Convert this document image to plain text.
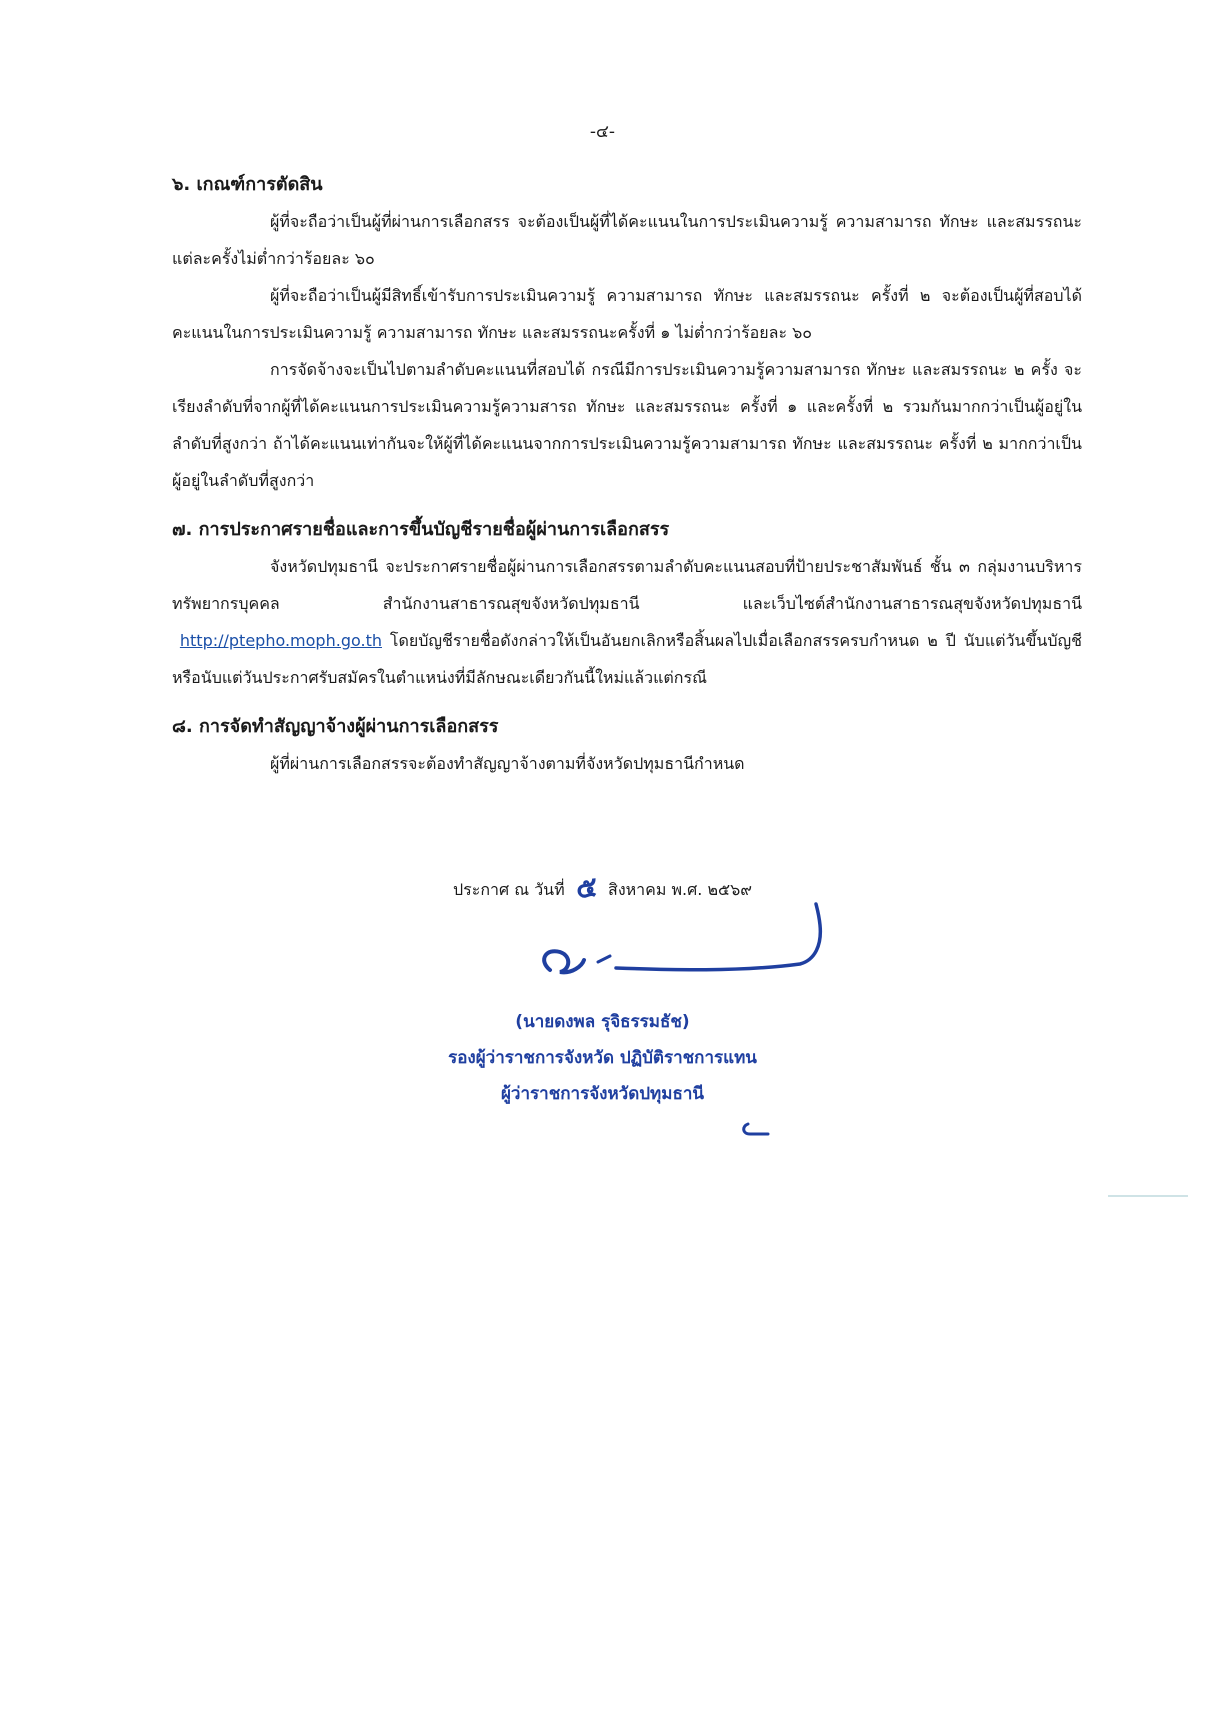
-๔-

๖. เกณฑ์การตัดสิน

ผู้ที่จะถือว่าเป็นผู้ที่ผ่านการเลือกสรร จะต้องเป็นผู้ที่ได้คะแนนในการประเมินความรู้ ความสามารถ ทักษะ และสมรรถนะแต่ละครั้งไม่ต่ำกว่าร้อยละ ๖๐

ผู้ที่จะถือว่าเป็นผู้มีสิทธิ์เข้ารับการประเมินความรู้ ความสามารถ ทักษะ และสมรรถนะ ครั้งที่ ๒ จะต้องเป็นผู้ที่สอบได้คะแนนในการประเมินความรู้ ความสามารถ ทักษะ และสมรรถนะครั้งที่ ๑ ไม่ต่ำกว่าร้อยละ ๖๐

การจัดจ้างจะเป็นไปตามลำดับคะแนนที่สอบได้ กรณีมีการประเมินความรู้ความสามารถ ทักษะ และสมรรถนะ ๒ ครั้ง จะเรียงลำดับที่จากผู้ที่ได้คะแนนการประเมินความรู้ความสารถ ทักษะ และสมรรถนะ ครั้งที่ ๑ และครั้งที่ ๒ รวมกันมากกว่าเป็นผู้อยู่ในลำดับที่สูงกว่า ถ้าได้คะแนนเท่ากันจะให้ผู้ที่ได้คะแนนจากการประเมินความรู้ความสามารถ ทักษะ และสมรรถนะ ครั้งที่ ๒ มากกว่าเป็นผู้อยู่ในลำดับที่สูงกว่า

๗. การประกาศรายชื่อและการขึ้นบัญชีรายชื่อผู้ผ่านการเลือกสรร

จังหวัดปทุมธานี จะประกาศรายชื่อผู้ผ่านการเลือกสรรตามลำดับคะแนนสอบที่ป้ายประชาสัมพันธ์ ชั้น ๓ กลุ่มงานบริหารทรัพยากรบุคคล สำนักงานสาธารณสุขจังหวัดปทุมธานี และเว็บไซต์สำนักงานสาธารณสุขจังหวัดปทุมธานี  http://ptepho.moph.go.th โดยบัญชีรายชื่อดังกล่าวให้เป็นอันยกเลิกหรือสิ้นผลไปเมื่อเลือกสรรครบกำหนด ๒ ปี นับแต่วันขึ้นบัญชี หรือนับแต่วันประกาศรับสมัครในตำแหน่งที่มีลักษณะเดียวกันนี้ใหม่แล้วแต่กรณี

๘. การจัดทำสัญญาจ้างผู้ผ่านการเลือกสรร

ผู้ที่ผ่านการเลือกสรรจะต้องทำสัญญาจ้างตามที่จังหวัดปทุมธานีกำหนด

ประกาศ ณ วันที่ ๕ สิงหาคม พ.ศ. ๒๕๖๙
(นายดงพล รุจิธรรมธัช)
รองผู้ว่าราชการจังหวัด ปฏิบัติราชการแทน
ผู้ว่าราชการจังหวัดปทุมธานี
